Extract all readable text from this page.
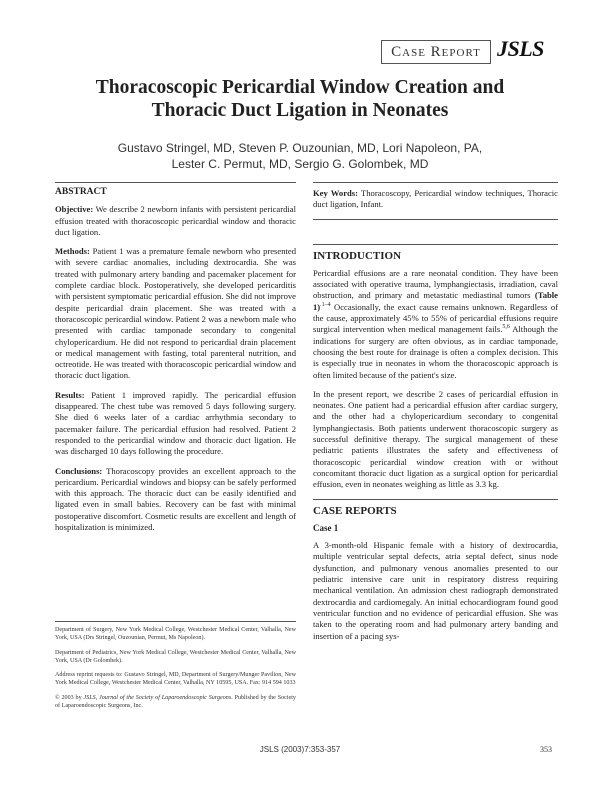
Case Report JSLS
Thoracoscopic Pericardial Window Creation and
Thoracic Duct Ligation in Neonates
Gustavo Stringel, MD, Steven P. Ouzounian, MD, Lori Napoleon, PA,
Lester C. Permut, MD, Sergio G. Golombek, MD
ABSTRACT

Objective: We describe 2 newborn infants with persistent pericardial effusion treated with thoracoscopic pericardial window and thoracic duct ligation.

Methods: Patient 1 was a premature female newborn who presented with severe cardiac anomalies, including dextrocardia. She was treated with pulmonary artery banding and pacemaker placement for complete cardiac block. Postoperatively, she developed pericarditis with persistent symptomatic pericardial effusion. She did not improve despite pericardial drain placement. She was treated with a thoracoscopic pericardial window. Patient 2 was a newborn male who presented with cardiac tamponade secondary to congenital chylopericardium. He did not respond to pericardial drain placement or medical management with fasting, total parenteral nutrition, and octreotide. He was treated with thoracoscopic pericardial window and thoracic duct ligation.

Results: Patient 1 improved rapidly. The pericardial effusion disappeared. The chest tube was removed 5 days following surgery. She died 6 weeks later of a cardiac arrhythmia secondary to pacemaker failure. The pericardial effusion had resolved. Patient 2 responded to the pericardial window and thoracic duct ligation. He was discharged 10 days following the procedure.

Conclusions: Thoracoscopy provides an excellent approach to the pericardium. Pericardial windows and biopsy can be safely performed with this approach. The thoracic duct can be easily identified and ligated even in small babies. Recovery can be fast with minimal postoperative discomfort. Cosmetic results are excellent and length of hospitalization is minimized.

Department of Surgery, New York Medical College, Westchester Medical Center, Valhalla, New York, USA (Drs Stringel, Ouzounian, Permut, Ms Napoleon).

Department of Pediatrics, New York Medical College, Westchester Medical Center, Valhalla, New York, USA (Dr Golombek).

Address reprint requests to: Gustavo Stringel, MD, Department of Surgery/Munger Pavilion, New York Medical College, Westchester Medical Center, Valhalla, NY 10595, USA. Fax: 914 594 1033

© 2003 by JSLS, Journal of the Society of Laparoendoscopic Surgeons. Published by the Society of Laparoendoscopic Surgeons, Inc.

Key Words: Thoracoscopy, Pericardial window techniques, Thoracic duct ligation, Infant.

INTRODUCTION

Pericardial effusions are a rare neonatal condition. They have been associated with operative trauma, lymphangiectasis, irradiation, caval obstruction, and primary and metastatic mediastinal tumors (Table 1)$^{.1-4}$ Occasionally, the exact cause remains unknown. Regardless of the cause, approximately 45% to 55% of pericardial effusions require surgical intervention when medical management fails.$^{5,6}$ Although the indications for surgery are often obvious, as in cardiac tamponade, choosing the best route for drainage is often a complex decision. This is especially true in neonates in whom the thoracoscopic approach is often limited because of the patient's size.

In the present report, we describe 2 cases of pericardial effusion in neonates. One patient had a pericardial effusion after cardiac surgery, and the other had a chylopericardium secondary to congenital lymphangiectasis. Both patients underwent thoracoscopic surgery as successful definitive therapy. The surgical management of these pediatric patients illustrates the safety and effectiveness of thoracoscopic pericardial window creation with or without concomitant thoracic duct ligation as a surgical option for pericardial effusion, even in neonates weighing as little as 3.3 kg.

CASE REPORTS
Case 1

A 3-month-old Hispanic female with a history of dextrocardia, multiple ventricular septal defects, atria septal defect, sinus node dysfunction, and pulmonary venous anomalies presented to our pediatric intensive care unit in respiratory distress requiring mechanical ventilation. An admission chest radiograph demonstrated dextrocardia and cardiomegaly. An initial echocardiogram found good ventricular function and no evidence of pericardial effusion. She was taken to the operating room and had pulmonary artery banding and insertion of a pacing sys-

JSLS (2003)7:353-357	353
